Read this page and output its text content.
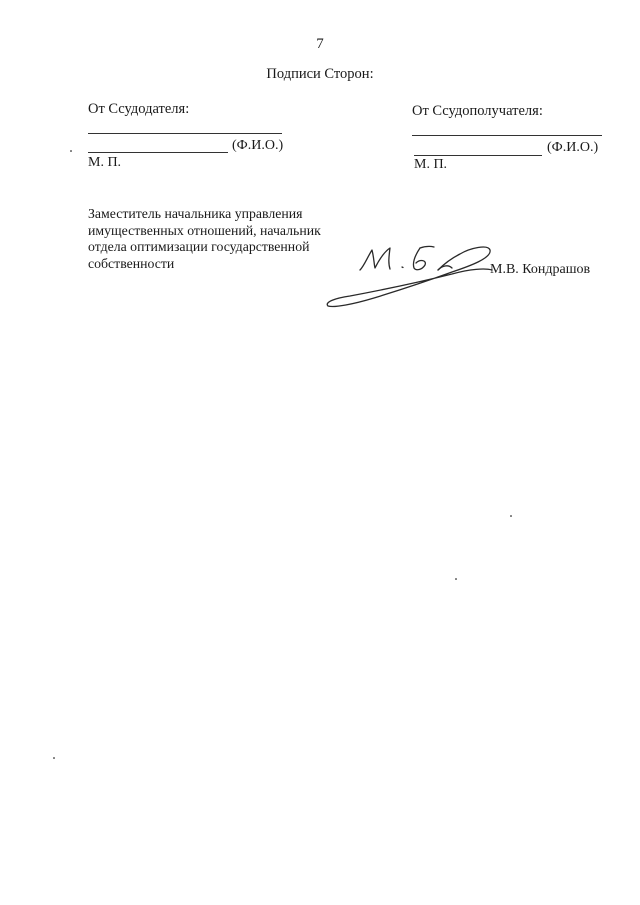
7
Подписи Сторон:
От Ссудодателя:
(Ф.И.О.)
М. П.
От Ссудополучателя:
(Ф.И.О.)
М. П.
Заместитель начальника управления имущественных отношений, начальник отдела оптимизации государственной собственности	М.В. Кондрашов
